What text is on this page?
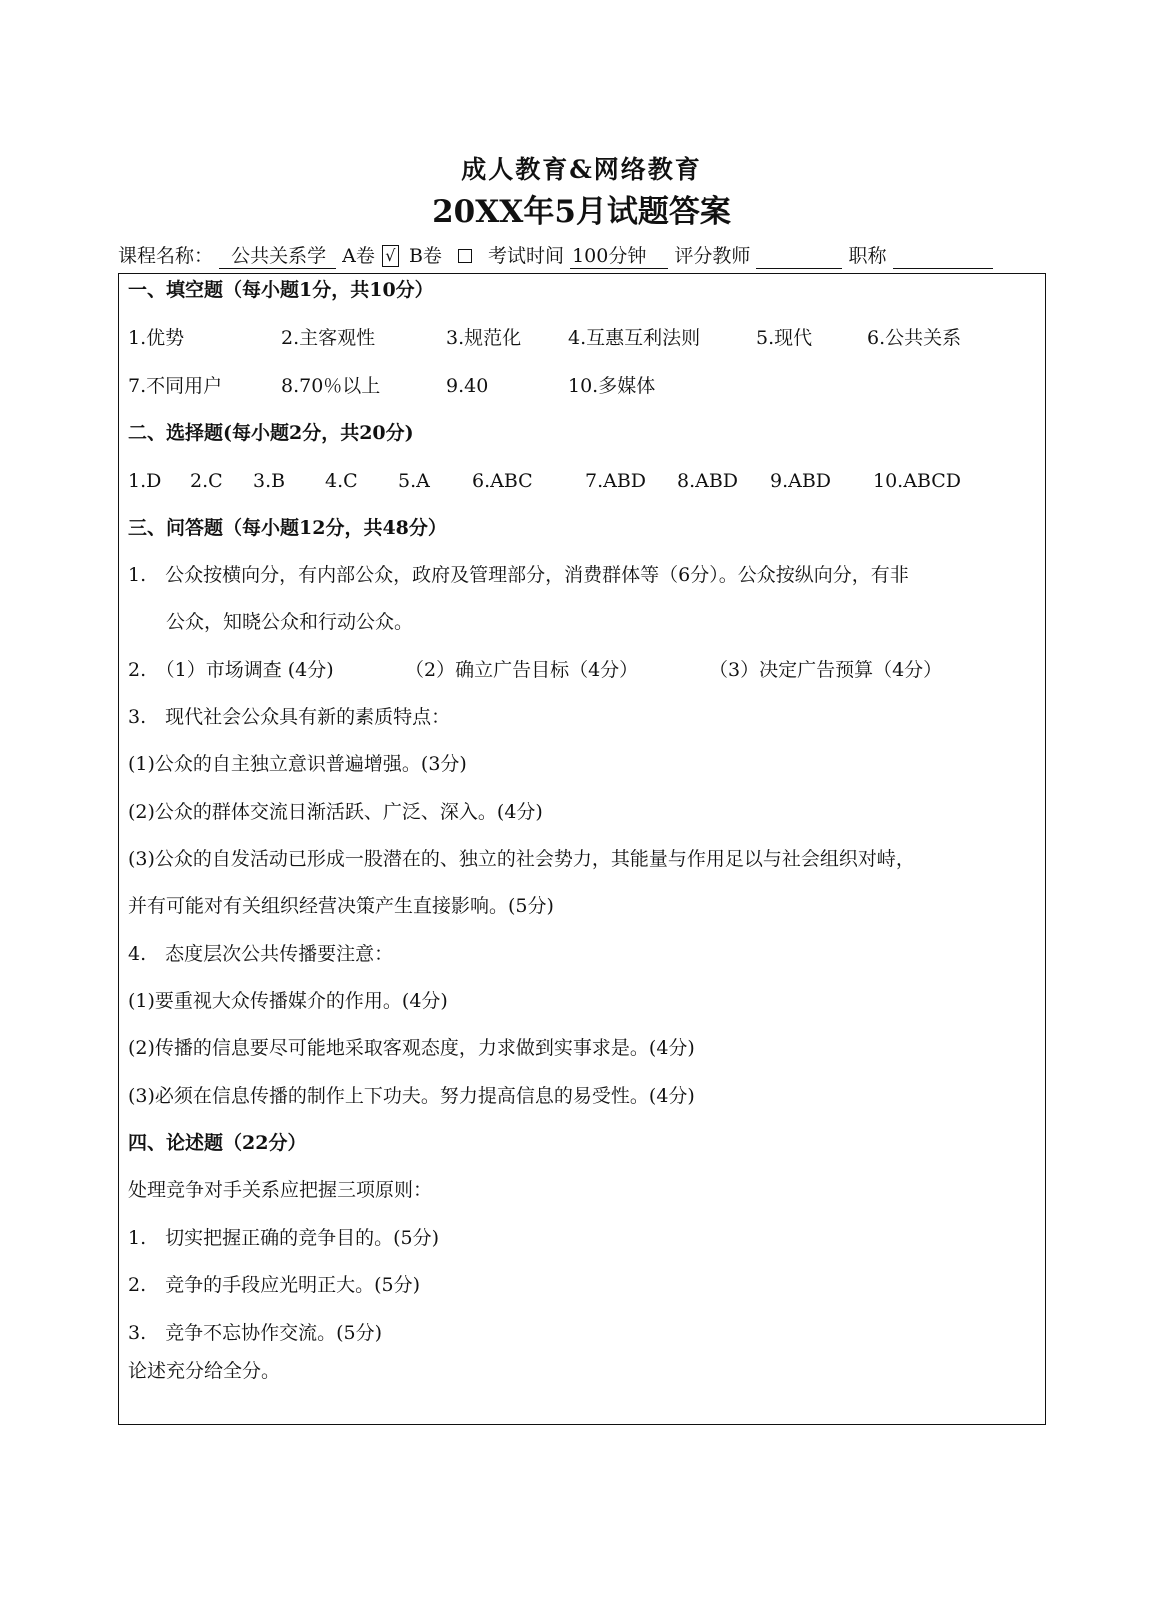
成人教育&网络教育
20XX年5月试题答案
课程名称： 公共关系学 A卷 √ B卷 考试时间 100分钟 评分教师	职称
一、填空题（每小题1分，共10分）
1.优势	2.主客观性	3.规范化 4.互惠互利法则	5.现代	6.公共关系
7.不同用户	8.70％以上	9.40	10.多媒体
二、选择题(每小题2分，共20分)
1.D 2.C 3.B 4.C 5.A 6.ABC	7.ABD 8.ABD 9.ABD 10.ABCD
三、问答题（每小题12分，共48分）
1.　公众按横向分，有内部公众，政府及管理部分，消费群体等（6分）。公众按纵向分，有非
公众，知晓公众和行动公众。
2.　（1）市场调查 (4分)	（2）确立广告目标（4分）	（3）决定广告预算（4分）
3.　现代社会公众具有新的素质特点：
(1)公众的自主独立意识普遍增强。(3分)
(2)公众的群体交流日渐活跃、广泛、深入。(4分)
(3)公众的自发活动已形成一股潜在的、独立的社会势力，其能量与作用足以与社会组织对峙，
并有可能对有关组织经营决策产生直接影响。(5分)
4.　态度层次公共传播要注意：
(1)要重视大众传播媒介的作用。(4分)
(2)传播的信息要尽可能地采取客观态度，力求做到实事求是。(4分)
(3)必须在信息传播的制作上下功夫。努力提高信息的易受性。(4分)
四、论述题（22分）
处理竞争对手关系应把握三项原则：
1.　切实把握正确的竞争目的。(5分)
2.　竞争的手段应光明正大。(5分)
3.　竞争不忘协作交流。(5分)
论述充分给全分。
